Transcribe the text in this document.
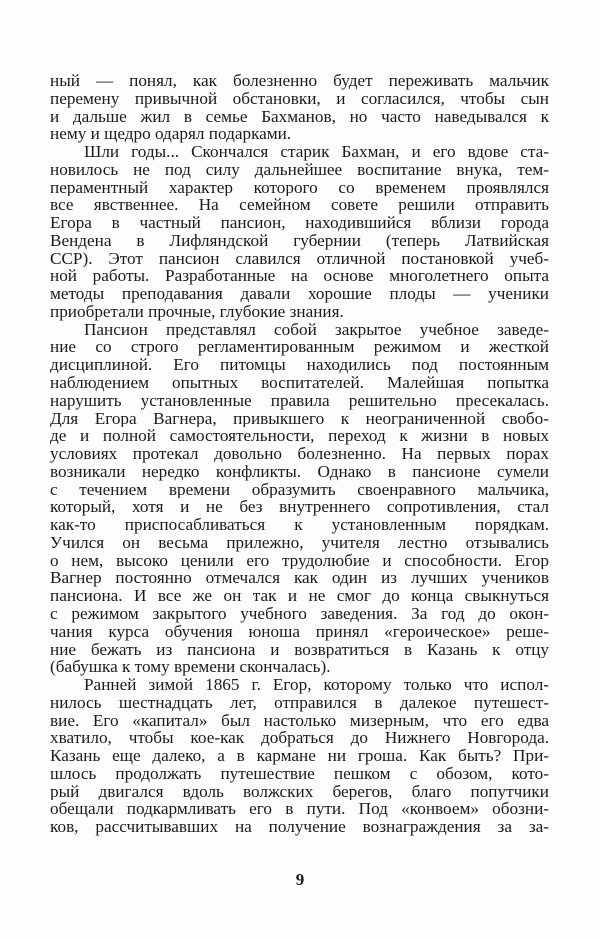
ный — понял, как болезненно будет переживать мальчик
перемену привычной обстановки, и согласился, чтобы сын
и дальше жил в семье Бахманов, но часто наведывался к
нему и щедро одарял подарками.
Шли годы... Скончался старик Бахман, и его вдове ста-
новилось не под силу дальнейшее воспитание внука, тем-
пераментный характер которого со временем проявлялся
все явственнее. На семейном совете решили отправить
Егора в частный пансион, находившийся вблизи города
Вендена в Лифляндской губернии (теперь Латвийская
ССР). Этот пансион славился отличной постановкой учеб-
ной работы. Разработанные на основе многолетнего опыта
методы преподавания давали хорошие плоды — ученики
приобретали прочные, глубокие знания.
Пансион представлял собой закрытое учебное заведе-
ние со строго регламентированным режимом и жесткой
дисциплиной. Его питомцы находились под постоянным
наблюдением опытных воспитателей. Малейшая попытка
нарушить установленные правила решительно пресекалась.
Для Егора Вагнера, привыкшего к неограниченной свобо-
де и полной самостоятельности, переход к жизни в новых
условиях протекал довольно болезненно. На первых порах
возникали нередко конфликты. Однако в пансионе сумели
с течением времени образумить своенравного мальчика,
который, хотя и не без внутреннего сопротивления, стал
как-то приспосабливаться к установленным порядкам.
Учился он весьма прилежно, учителя лестно отзывались
о нем, высоко ценили его трудолюбие и способности. Егор
Вагнер постоянно отмечался как один из лучших учеников
пансиона. И все же он так и не смог до конца свыкнуться
с режимом закрытого учебного заведения. За год до окон-
чания курса обучения юноша принял «героическое» реше-
ние бежать из пансиона и возвратиться в Казань к отцу
(бабушка к тому времени скончалась).
Ранней зимой 1865 г. Егор, которому только что испол-
нилось шестнадцать лет, отправился в далекое путешест-
вие. Его «капитал» был настолько мизерным, что его едва
хватило, чтобы кое-как добраться до Нижнего Новгорода.
Казань еще далеко, а в кармане ни гроша. Как быть? При-
шлось продолжать путешествие пешком с обозом, кото-
рый двигался вдоль волжских берегов, благо попутчики
обещали подкармливать его в пути. Под «конвоем» обозни-
ков, рассчитывавших на получение вознаграждения за за-
9
